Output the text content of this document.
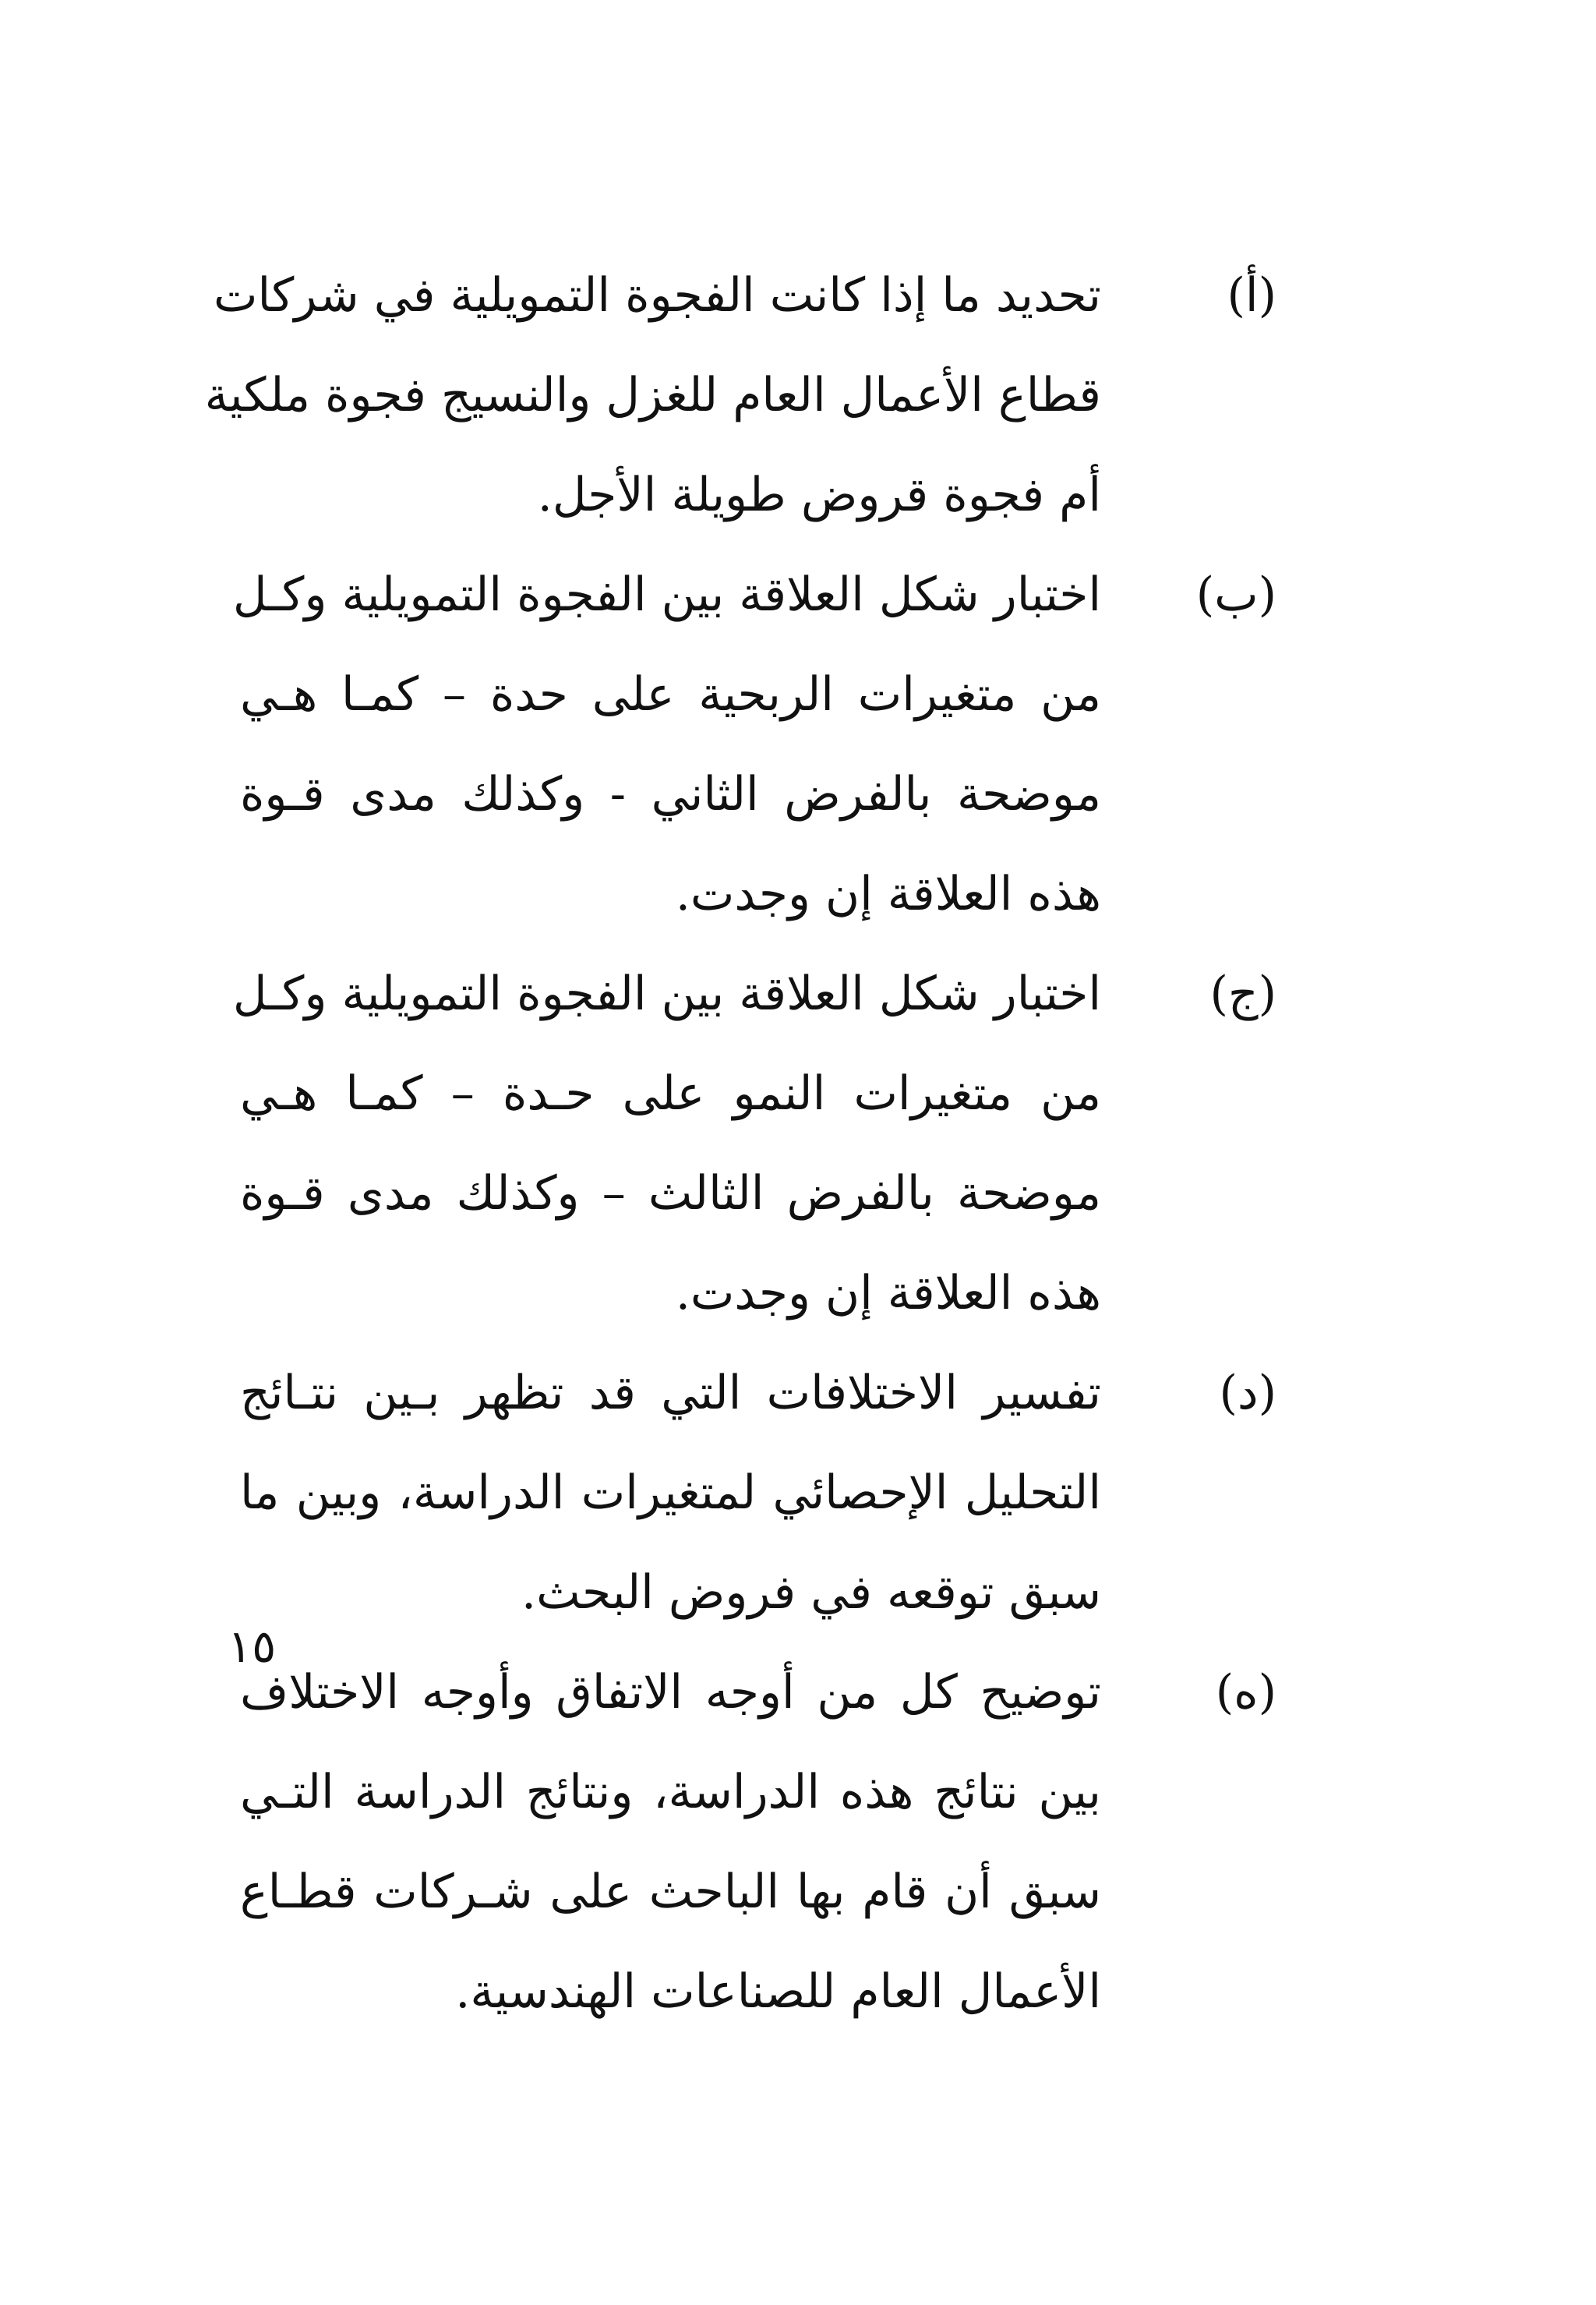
(أ)
تحديد ما إذا كانت الفجوة التمويلية في شركات
قطاع الأعمال العام للغزل والنسيج فجوة ملكية
أم فجوة قروض طويلة الأجل.
(ب)
اختبار شكل العلاقة بين الفجوة التمويلية وكـل
من متغيرات الربحية على حدة – كمـا هـي
موضحة بالفرض الثاني - وكذلك مدى قـوة
هذه العلاقة إن وجدت.
(ج)
اختبار شكل العلاقة بين الفجوة التمويلية وكـل
من متغيرات النمو على حـدة – كمـا هـي
موضحة بالفرض الثالث – وكذلك مدى قـوة
هذه العلاقة إن وجدت.
(د)
تفسير الاختلافات التي قد تظهر بـين نتـائج
التحليل الإحصائي لمتغيرات الدراسة، وبين ما
سبق توقعه في فروض البحث.
(ه)
توضيح كل من أوجه الاتفاق وأوجه الاختلاف
بين نتائج هذه الدراسة، ونتائج الدراسة التـي
سبق أن قام بها الباحث على شـركات قطـاع
الأعمال العام للصناعات الهندسية.
١٥
